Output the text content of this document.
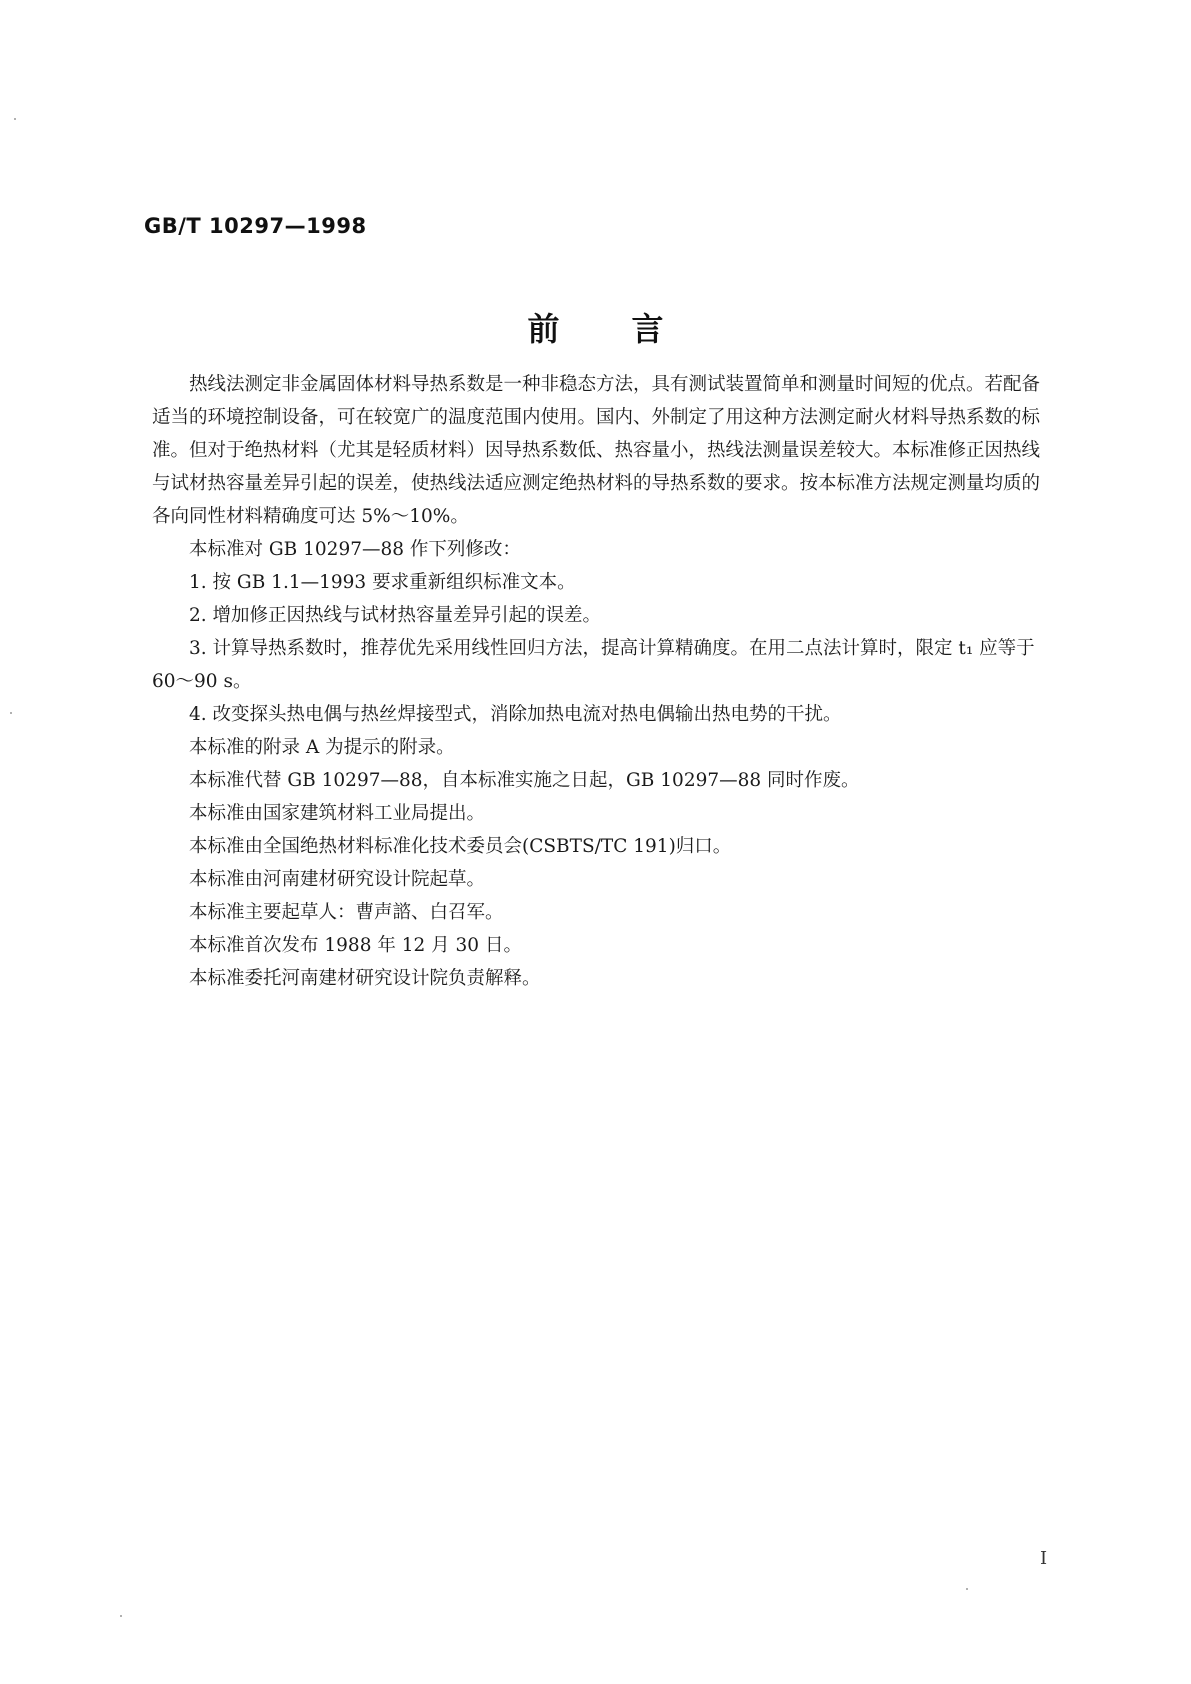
GB/T 10297—1998
前言

热线法测定非金属固体材料导热系数是一种非稳态方法，具有测试装置简单和测量时间短的优点。若配备适当的环境控制设备，可在较宽广的温度范围内使用。国内、外制定了用这种方法测定耐火材料导热系数的标准。但对于绝热材料（尤其是轻质材料）因导热系数低、热容量小，热线法测量误差较大。本标准修正因热线与试材热容量差异引起的误差，使热线法适应测定绝热材料的导热系数的要求。按本标准方法规定测量均质的各向同性材料精确度可达 5%～10%。

本标准对 GB 10297—88 作下列修改：

1. 按 GB 1.1—1993 要求重新组织标准文本。

2. 增加修正因热线与试材热容量差异引起的误差。

3. 计算导热系数时，推荐优先采用线性回归方法，提高计算精确度。在用二点法计算时，限定 t₁ 应等于 60～90 s。

4. 改变探头热电偶与热丝焊接型式，消除加热电流对热电偶输出热电势的干扰。

本标准的附录 A 为提示的附录。

本标准代替 GB 10297—88，自本标准实施之日起，GB 10297—88 同时作废。

本标准由国家建筑材料工业局提出。

本标准由全国绝热材料标准化技术委员会(CSBTS/TC 191)归口。

本标准由河南建材研究设计院起草。

本标准主要起草人：曹声諮、白召军。

本标准首次发布 1988 年 12 月 30 日。

本标准委托河南建材研究设计院负责解释。

I
